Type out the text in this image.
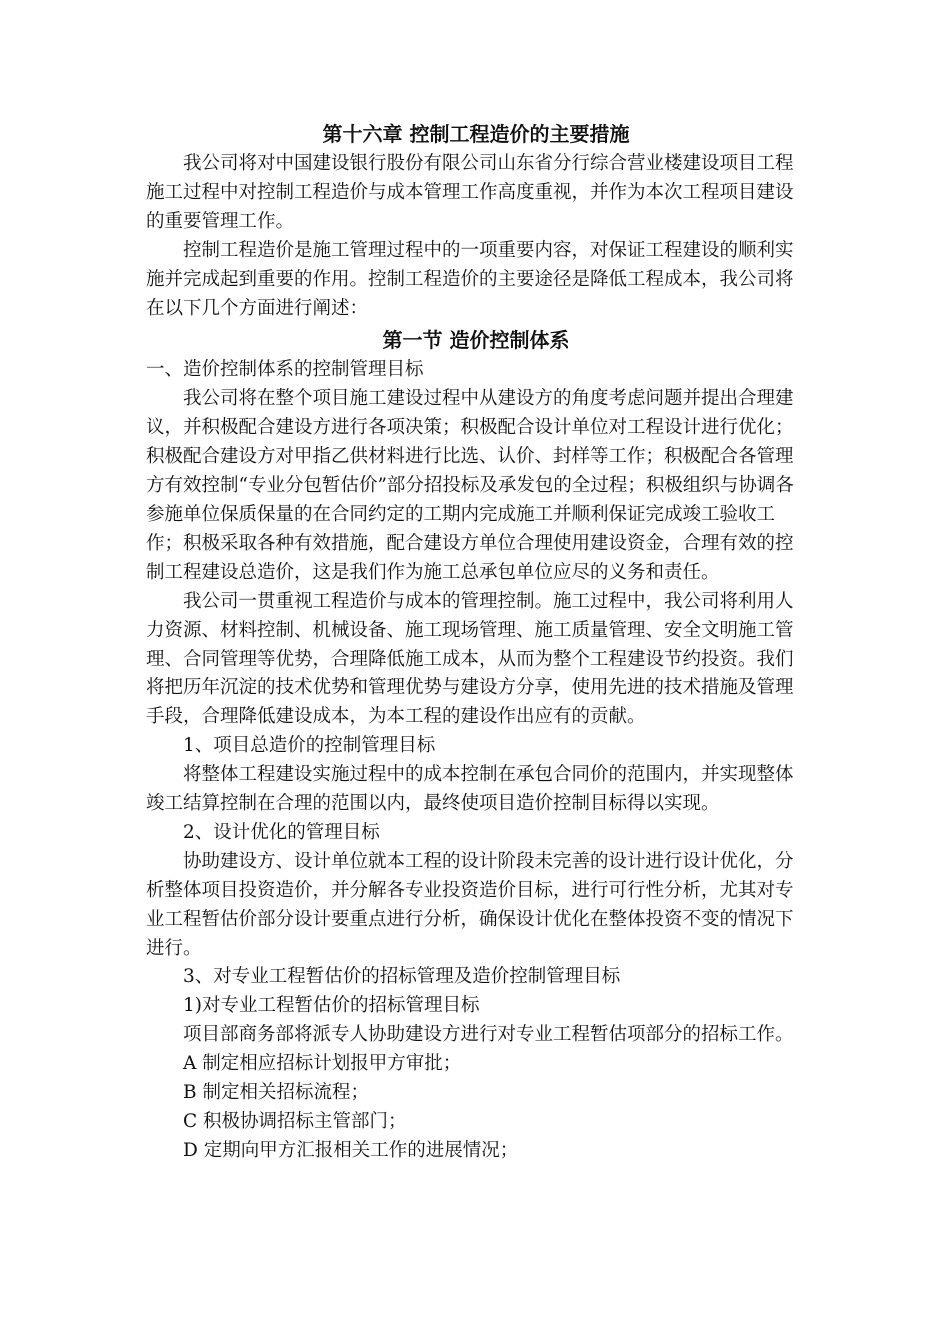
第十六章 控制工程造价的主要措施

我公司将对中国建设银行股份有限公司山东省分行综合营业楼建设项目工程施工过程中对控制工程造价与成本管理工作高度重视，并作为本次工程项目建设的重要管理工作。

控制工程造价是施工管理过程中的一项重要内容，对保证工程建设的顺利实施并完成起到重要的作用。控制工程造价的主要途径是降低工程成本，我公司将在以下几个方面进行阐述：

第一节 造价控制体系

一、造价控制体系的控制管理目标

我公司将在整个项目施工建设过程中从建设方的角度考虑问题并提出合理建议，并积极配合建设方进行各项决策；积极配合设计单位对工程设计进行优化；积极配合建设方对甲指乙供材料进行比选、认价、封样等工作；积极配合各管理方有效控制“专业分包暂估价”部分招投标及承发包的全过程；积极组织与协调各参施单位保质保量的在合同约定的工期内完成施工并顺利保证完成竣工验收工作；积极采取各种有效措施，配合建设方单位合理使用建设资金，合理有效的控制工程建设总造价，这是我们作为施工总承包单位应尽的义务和责任。

我公司一贯重视工程造价与成本的管理控制。施工过程中，我公司将利用人力资源、材料控制、机械设备、施工现场管理、施工质量管理、安全文明施工管理、合同管理等优势，合理降低施工成本，从而为整个工程建设节约投资。我们将把历年沉淀的技术优势和管理优势与建设方分享，使用先进的技术措施及管理手段，合理降低建设成本，为本工程的建设作出应有的贡献。

1、项目总造价的控制管理目标

将整体工程建设实施过程中的成本控制在承包合同价的范围内，并实现整体竣工结算控制在合理的范围以内，最终使项目造价控制目标得以实现。

2、设计优化的管理目标

协助建设方、设计单位就本工程的设计阶段未完善的设计进行设计优化，分析整体项目投资造价，并分解各专业投资造价目标，进行可行性分析，尤其对专业工程暂估价部分设计要重点进行分析，确保设计优化在整体投资不变的情况下进行。

3、对专业工程暂估价的招标管理及造价控制管理目标

1)对专业工程暂估价的招标管理目标

项目部商务部将派专人协助建设方进行对专业工程暂估项部分的招标工作。

A 制定相应招标计划报甲方审批；

B 制定相关招标流程；

C 积极协调招标主管部门；

D 定期向甲方汇报相关工作的进展情况；
